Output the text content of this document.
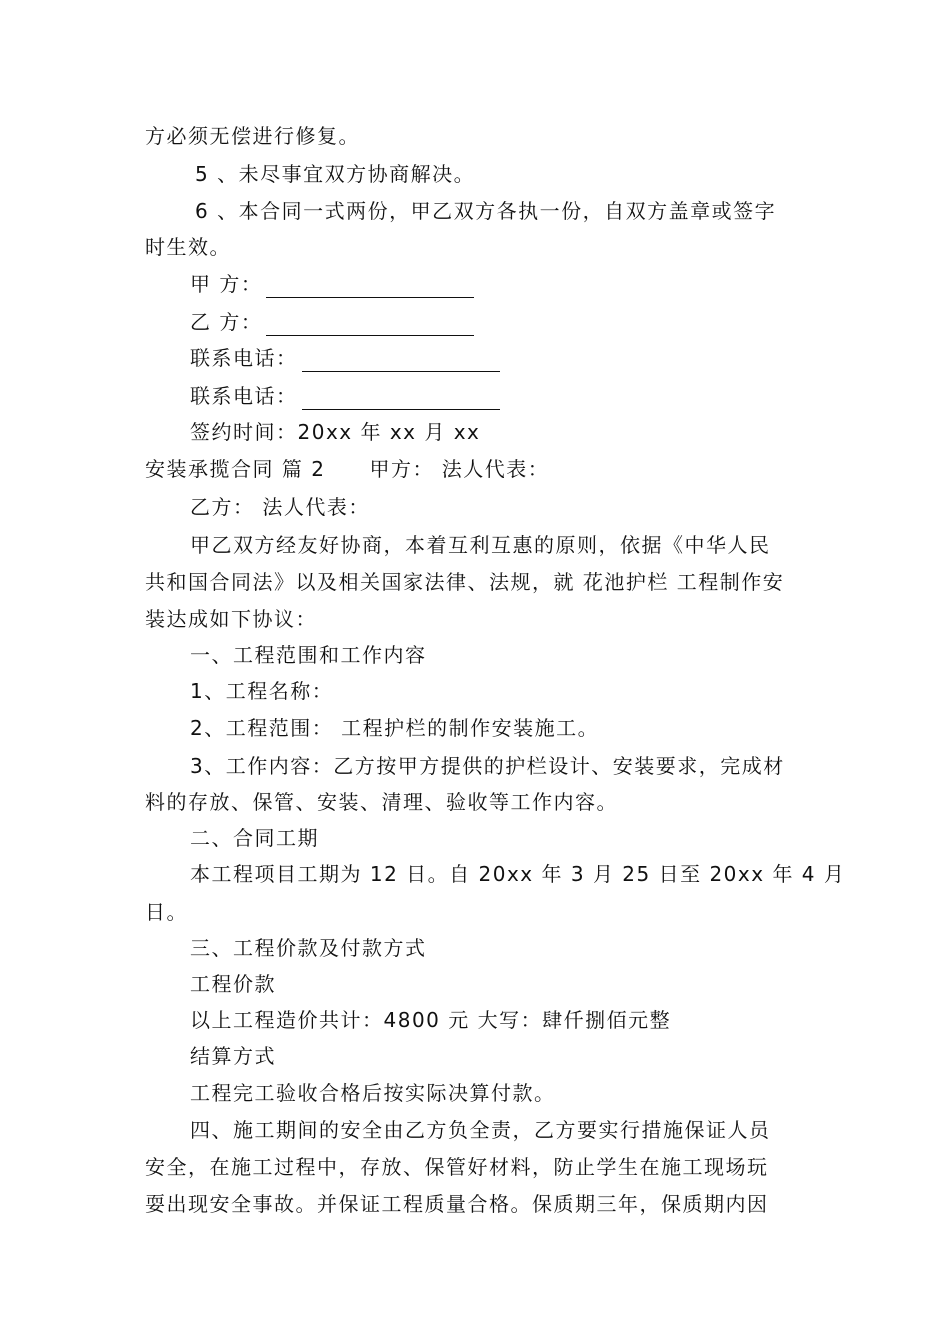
方必须无偿进行修复。
5 、未尽事宜双方协商解决。
6 、本合同一式两份，甲乙双方各执一份，自双方盖章或签字
时生效。
甲 方：
乙 方：
联系电话：
联系电话：
签约时间：20xx 年 xx 月 xx
安装承揽合同 篇 2 甲方： 法人代表：
乙方： 法人代表：
甲乙双方经友好协商，本着互利互惠的原则，依据《中华人民
共和国合同法》以及相关国家法律、法规，就 花池护栏 工程制作安
装达成如下协议：
一、工程范围和工作内容
1、工程名称：
2、工程范围： 工程护栏的制作安装施工。
3、工作内容：乙方按甲方提供的护栏设计、安装要求，完成材
料的存放、保管、安装、清理、验收等工作内容。
二、合同工期
本工程项目工期为 12 日。自 20xx 年 3 月 25 日至 20xx 年 4 月
日。
三、工程价款及付款方式
工程价款
以上工程造价共计：4800 元 大写：肆仟捌佰元整
结算方式
工程完工验收合格后按实际决算付款。
四、施工期间的安全由乙方负全责，乙方要实行措施保证人员
安全，在施工过程中，存放、保管好材料，防止学生在施工现场玩
耍出现安全事故。并保证工程质量合格。保质期三年，保质期内因
